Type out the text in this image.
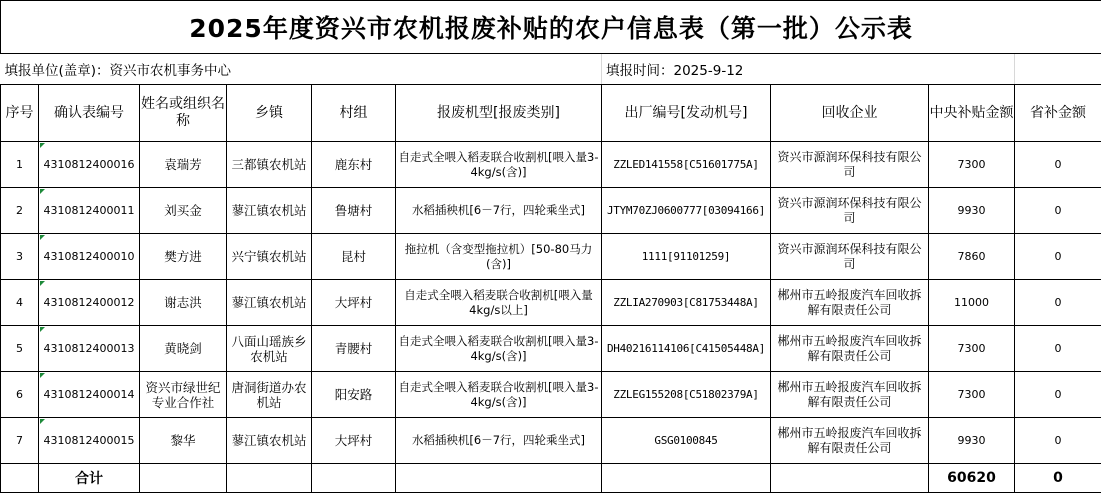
2025年度资兴市农机报废补贴的农户信息表（第一批）公示表									
填报单位(盖章)：资兴市农机事务中心						填报时间：2025-9-12			
序号	确认表编号	姓名或组织名称	乡镇	村组	报废机型[报废类别]	出厂编号[发动机号]	回收企业	中央补贴金额	省补金额
1	4310812400016	袁瑞芳	三都镇农机站	鹿东村	自走式全喂入稻麦联合收割机[喂入量3-4kg/s(含)]	ZZLED141558[C51601775A]	资兴市源润环保科技有限公司	7300	0
2	4310812400011	刘买金	蓼江镇农机站	鲁塘村	水稻插秧机[6－7行，四轮乘坐式]	JTYM70ZJ0600777[03094166]	资兴市源润环保科技有限公司	9930	0
3	4310812400010	樊方进	兴宁镇农机站	昆村	拖拉机（含变型拖拉机）[50-80马力(含)]	1111[91101259]	资兴市源润环保科技有限公司	7860	0
4	4310812400012	谢志洪	蓼江镇农机站	大坪村	自走式全喂入稻麦联合收割机[喂入量4kg/s以上]	ZZLIA270903[C81753448A]	郴州市五岭报废汽车回收拆解有限责任公司	11000	0
5	4310812400013	黄晓剑	八面山瑶族乡农机站	青腰村	自走式全喂入稻麦联合收割机[喂入量3-4kg/s(含)]	DH40216114106[C41505448A]	郴州市五岭报废汽车回收拆解有限责任公司	7300	0
6	4310812400014	资兴市绿世纪专业合作社	唐洞街道办农机站	阳安路	自走式全喂入稻麦联合收割机[喂入量3-4kg/s(含)]	ZZLEG155208[C51802379A]	郴州市五岭报废汽车回收拆解有限责任公司	7300	0
7	4310812400015	黎华	蓼江镇农机站	大坪村	水稻插秧机[6－7行，四轮乘坐式]	GSG0100845	郴州市五岭报废汽车回收拆解有限责任公司	9930	0
	合计							60620	0
